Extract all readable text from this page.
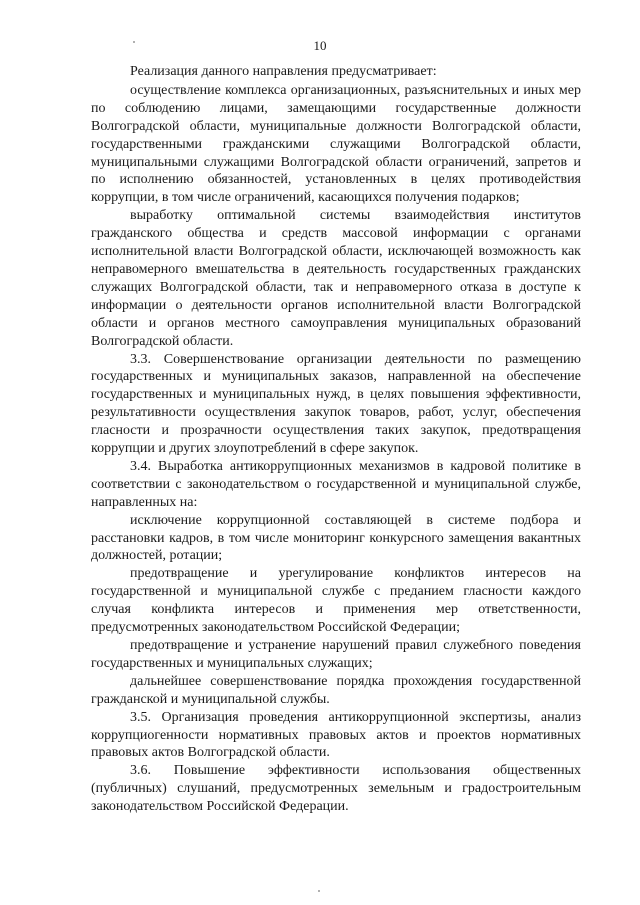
10

Реализация данного направления предусматривает:

осуществление комплекса организационных, разъяснительных и иных мер по соблюдению лицами, замещающими государственные должности Волгоградской области, муниципальные должности Волгоградской области, государственными гражданскими служащими Волгоградской области, муниципальными служащими Волгоградской области ограничений, запретов и по исполнению обязанностей, установленных в целях противодействия коррупции, в том числе ограничений, касающихся получения подарков;

выработку оптимальной системы взаимодействия институтов гражданского общества и средств массовой информации с органами исполнительной власти Волгоградской области, исключающей возможность как неправомерного вмешательства в деятельность государственных гражданских служащих Волгоградской области, так и неправомерного отказа в доступе к информации о деятельности органов исполнительной власти Волгоградской области и органов местного самоуправления муниципальных образований Волгоградской области.

3.3. Совершенствование организации деятельности по размещению государственных и муниципальных заказов, направленной на обеспечение государственных и муниципальных нужд, в целях повышения эффективности, результативности осуществления закупок товаров, работ, услуг, обеспечения гласности и прозрачности осуществления таких закупок, предотвращения коррупции и других злоупотреблений в сфере закупок.

3.4. Выработка антикоррупционных механизмов в кадровой политике в соответствии с законодательством о государственной и муниципальной службе, направленных на:

исключение коррупционной составляющей в системе подбора и расстановки кадров, в том числе мониторинг конкурсного замещения вакантных должностей, ротации;

предотвращение и урегулирование конфликтов интересов на государственной и муниципальной службе с преданием гласности каждого случая конфликта интересов и применения мер ответственности, предусмотренных законодательством Российской Федерации;

предотвращение и устранение нарушений правил служебного поведения государственных и муниципальных служащих;

дальнейшее совершенствование порядка прохождения государственной гражданской и муниципальной службы.

3.5. Организация проведения антикоррупционной экспертизы, анализ коррупциогенности нормативных правовых актов и проектов нормативных правовых актов Волгоградской области.

3.6. Повышение эффективности использования общественных (публичных) слушаний, предусмотренных земельным и градостроительным законодательством Российской Федерации.
